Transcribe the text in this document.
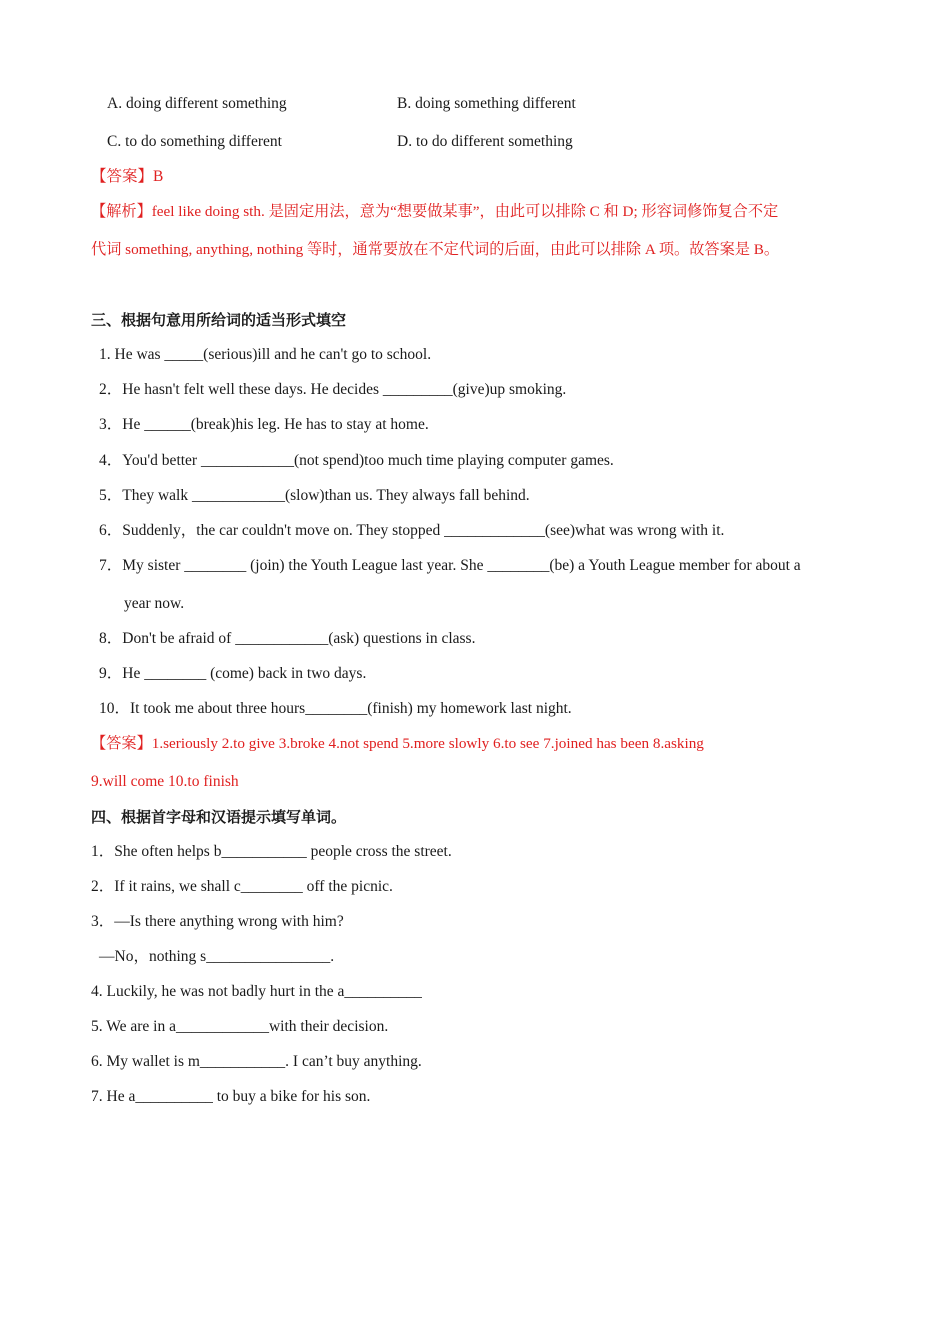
A. doing different something	B. doing something different
C. to do something different	D. to do different something
【答案】B
【解析】feel like doing sth. 是固定用法，意为“想要做某事”，由此可以排除 C 和 D; 形容词修饰复合不定
代词 something, anything, nothing 等时，通常要放在不定代词的后面，由此可以排除 A 项。故答案是 B。
三、根据句意用所给词的适当形式填空
1. He was _____(serious)ill and he can't go to school.
2．He hasn't felt well these days. He decides _________(give)up smoking.
3．He ______(break)his leg. He has to stay at home.
4．You'd better ____________(not spend)too much time playing computer games.
5．They walk ____________(slow)than us. They always fall behind.
6．Suddenly，the car couldn't move on. They stopped _____________(see)what was wrong with it.
7．My sister ________ (join) the Youth League last year. She ________(be) a Youth League member for about a
year now.
8．Don't be afraid of ____________(ask) questions in class.
9．He ________ (come) back in two days.
10．It took me about three hours________(finish) my homework last night.
【答案】1.seriously 2.to give 3.broke 4.not spend 5.more slowly 6.to see 7.joined has been 8.asking
9.will come 10.to finish
四、根据首字母和汉语提示填写单词。
1．She often helps b___________ people cross the street.
2．If it rains, we shall c________ off the picnic.
3．—Is there anything wrong with him?
—No，nothing s________________.
4. Luckily, he was not badly hurt in the a__________
5. We are in a____________with their decision.
6. My wallet is m___________. I can’t buy anything.
7. He a__________ to buy a bike for his son.
